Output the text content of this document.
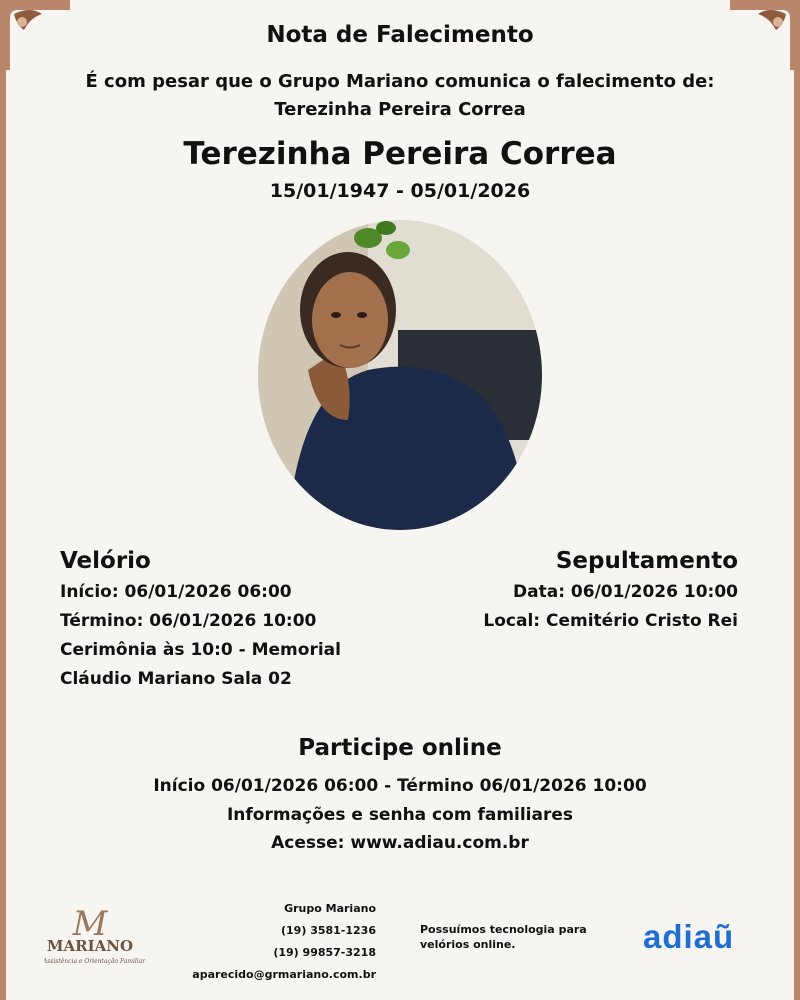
Nota de Falecimento
É com pesar que o Grupo Mariano comunica o falecimento de: Terezinha Pereira Correa
Terezinha Pereira Correa
15/01/1947 - 05/01/2026
Velório
Início: 06/01/2026 06:00
Término: 06/01/2026 10:00
Cerimônia às 10:0 - Memorial Cláudio Mariano Sala 02
Sepultamento
Data: 06/01/2026 10:00
Local: Cemitério Cristo Rei
Participe online
Início 06/01/2026 06:00 - Término 06/01/2026 10:00
Informações e senha com familiares
Acesse: www.adiau.com.br
M
MARIANO
Assistência e Orientação Familiar
Grupo Mariano
(19) 3581-1236
(19) 99857-3218
aparecido@grmariano.com.br
Possuímos tecnologia para velórios online.	adiaũ
